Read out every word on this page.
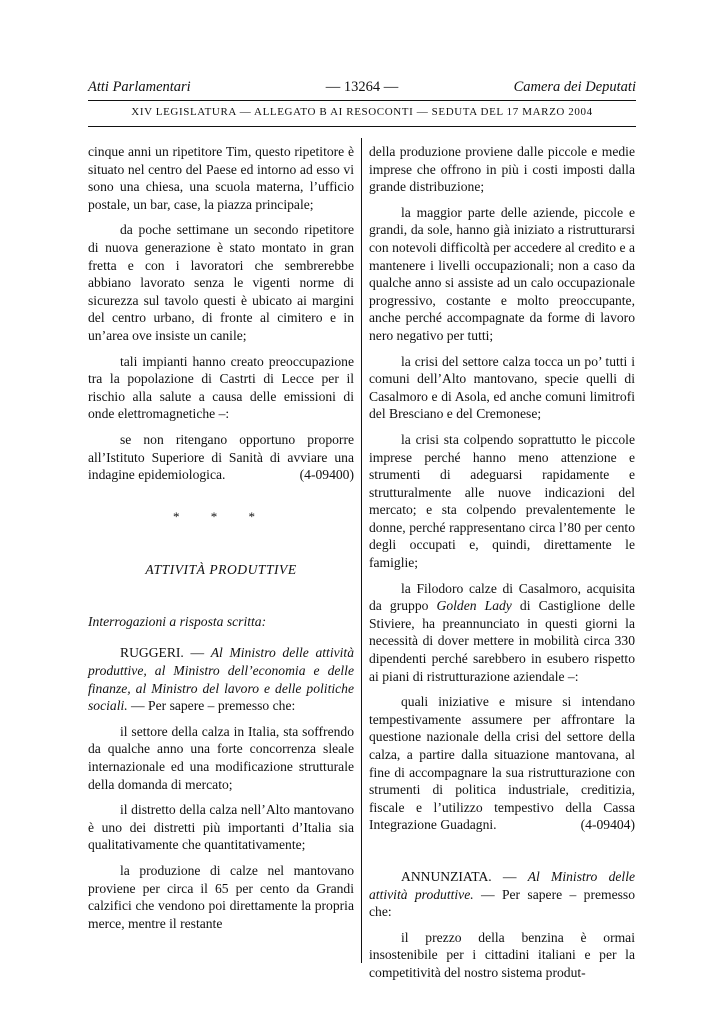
Atti Parlamentari	— 13264 —	Camera dei Deputati
XIV LEGISLATURA — ALLEGATO B AI RESOCONTI — SEDUTA DEL 17 MARZO 2004

cinque anni un ripetitore Tim, questo ripetitore è situato nel centro del Paese ed intorno ad esso vi sono una chiesa, una scuola materna, l’ufficio postale, un bar, case, la piazza principale;

da poche settimane un secondo ripetitore di nuova generazione è stato montato in gran fretta e con i lavoratori che sembrerebbe abbiano lavorato senza le vigenti norme di sicurezza sul tavolo questi è ubicato ai margini del centro urbano, di fronte al cimitero e in un’area ove insiste un canile;

tali impianti hanno creato preoccupazione tra la popolazione di Castrti di Lecce per il rischio alla salute a causa delle emissioni di onde elettromagnetiche –:

se non ritengano opportuno proporre all’Istituto Superiore di Sanità di avviare una indagine epidemiologica.	(4-09400)

* * *
ATTIVITÀ PRODUTTIVE
Interrogazioni a risposta scritta:

RUGGERI. — Al Ministro delle attività produttive, al Ministro dell’economia e delle finanze, al Ministro del lavoro e delle politiche sociali. — Per sapere – premesso che:

il settore della calza in Italia, sta soffrendo da qualche anno una forte concorrenza sleale internazionale ed una modificazione strutturale della domanda di mercato;

il distretto della calza nell’Alto mantovano è uno dei distretti più importanti d’Italia sia qualitativamente che quantitativamente;

la produzione di calze nel mantovano proviene per circa il 65 per cento da Grandi calzifici che vendono poi direttamente la propria merce, mentre il restante

della produzione proviene dalle piccole e medie imprese che offrono in più i costi imposti dalla grande distribuzione;

la maggior parte delle aziende, piccole e grandi, da sole, hanno già iniziato a ristrutturarsi con notevoli difficoltà per accedere al credito e a mantenere i livelli occupazionali; non a caso da qualche anno si assiste ad un calo occupazionale progressivo, costante e molto preoccupante, anche perché accompagnate da forme di lavoro nero negativo per tutti;

la crisi del settore calza tocca un po’ tutti i comuni dell’Alto mantovano, specie quelli di Casalmoro e di Asola, ed anche comuni limitrofi del Bresciano e del Cremonese;

la crisi sta colpendo soprattutto le piccole imprese perché hanno meno attenzione e strumenti di adeguarsi rapidamente e strutturalmente alle nuove indicazioni del mercato; e sta colpendo prevalentemente le donne, perché rappresentano circa l’80 per cento degli occupati e, quindi, direttamente le famiglie;

la Filodoro calze di Casalmoro, acquisita da gruppo Golden Lady di Castiglione delle Stiviere, ha preannunciato in questi giorni la necessità di dover mettere in mobilità circa 330 dipendenti perché sarebbero in esubero rispetto ai piani di ristrutturazione aziendale –:

quali iniziative e misure si intendano tempestivamente assumere per affrontare la questione nazionale della crisi del settore della calza, a partire dalla situazione mantovana, al fine di accompagnare la sua ristrutturazione con strumenti di politica industriale, creditizia, fiscale e l’utilizzo tempestivo della Cassa Integrazione Guadagni.	(4-09404)

ANNUNZIATA. — Al Ministro delle attività produttive. — Per sapere – premesso che:

il prezzo della benzina è ormai insostenibile per i cittadini italiani e per la competitività del nostro sistema produt-
